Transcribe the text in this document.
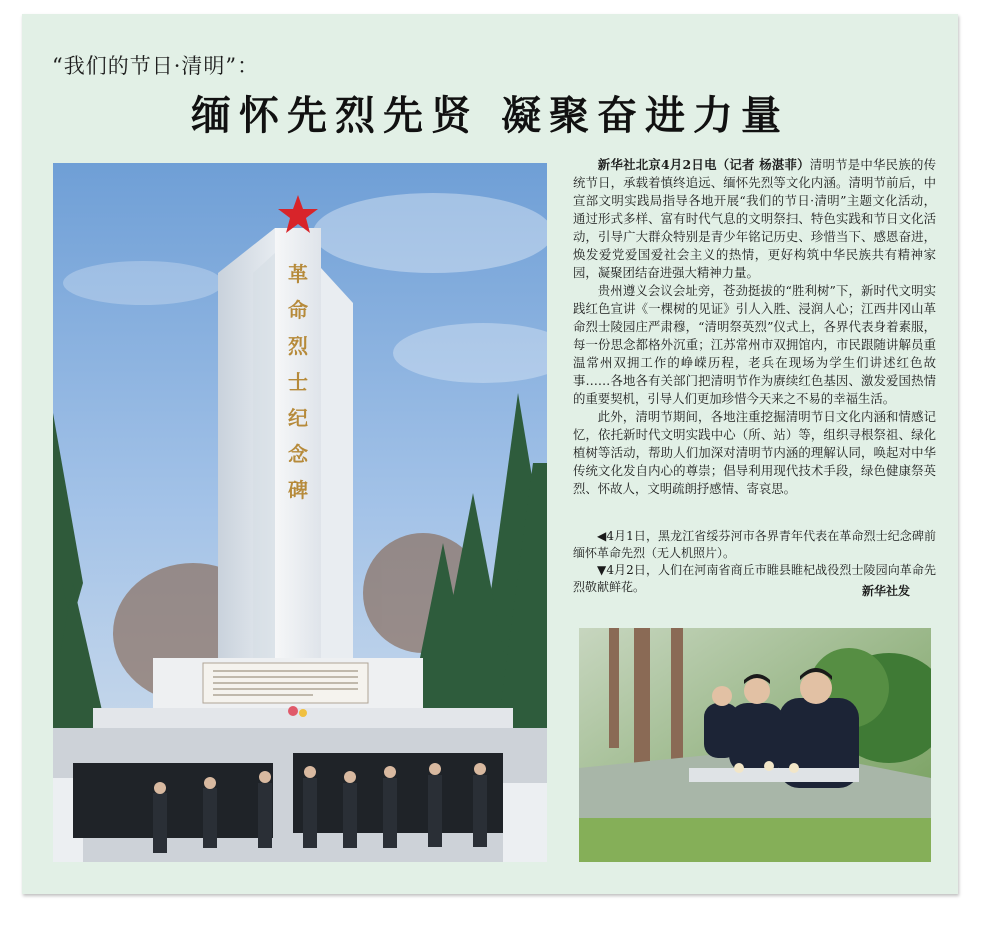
“我们的节日·清明”：
缅怀先烈先贤 凝聚奋进力量
革
命
烈
士
纪
念
碑

新华社北京4月2日电（记者 杨湛菲）清明节是中华民族的传统节日，承载着慎终追远、缅怀先烈等文化内涵。清明节前后，中宣部文明实践局指导各地开展“我们的节日·清明”主题文化活动，通过形式多样、富有时代气息的文明祭扫、特色实践和节日文化活动，引导广大群众特别是青少年铭记历史、珍惜当下、感恩奋进，焕发爱党爱国爱社会主义的热情，更好构筑中华民族共有精神家园，凝聚团结奋进强大精神力量。

贵州遵义会议会址旁，苍劲挺拔的“胜利树”下，新时代文明实践红色宣讲《一棵树的见证》引人入胜、浸润人心；江西井冈山革命烈士陵园庄严肃穆，“清明祭英烈”仪式上，各界代表身着素服，每一份思念都格外沉重；江苏常州市双拥馆内，市民跟随讲解员重温常州双拥工作的峥嵘历程，老兵在现场为学生们讲述红色故事……各地各有关部门把清明节作为赓续红色基因、激发爱国热情的重要契机，引导人们更加珍惜今天来之不易的幸福生活。

此外，清明节期间，各地注重挖掘清明节日文化内涵和情感记忆，依托新时代文明实践中心（所、站）等，组织寻根祭祖、绿化植树等活动，帮助人们加深对清明节内涵的理解认同，唤起对中华传统文化发自内心的尊崇；倡导利用现代技术手段，绿色健康祭英烈、怀故人，文明疏朗抒感情、寄哀思。

◀4月1日，黑龙江省绥芬河市各界青年代表在革命烈士纪念碑前缅怀革命先烈（无人机照片）。

▼4月2日，人们在河南省商丘市睢县睢杞战役烈士陵园向革命先烈敬献鲜花。	新华社发
